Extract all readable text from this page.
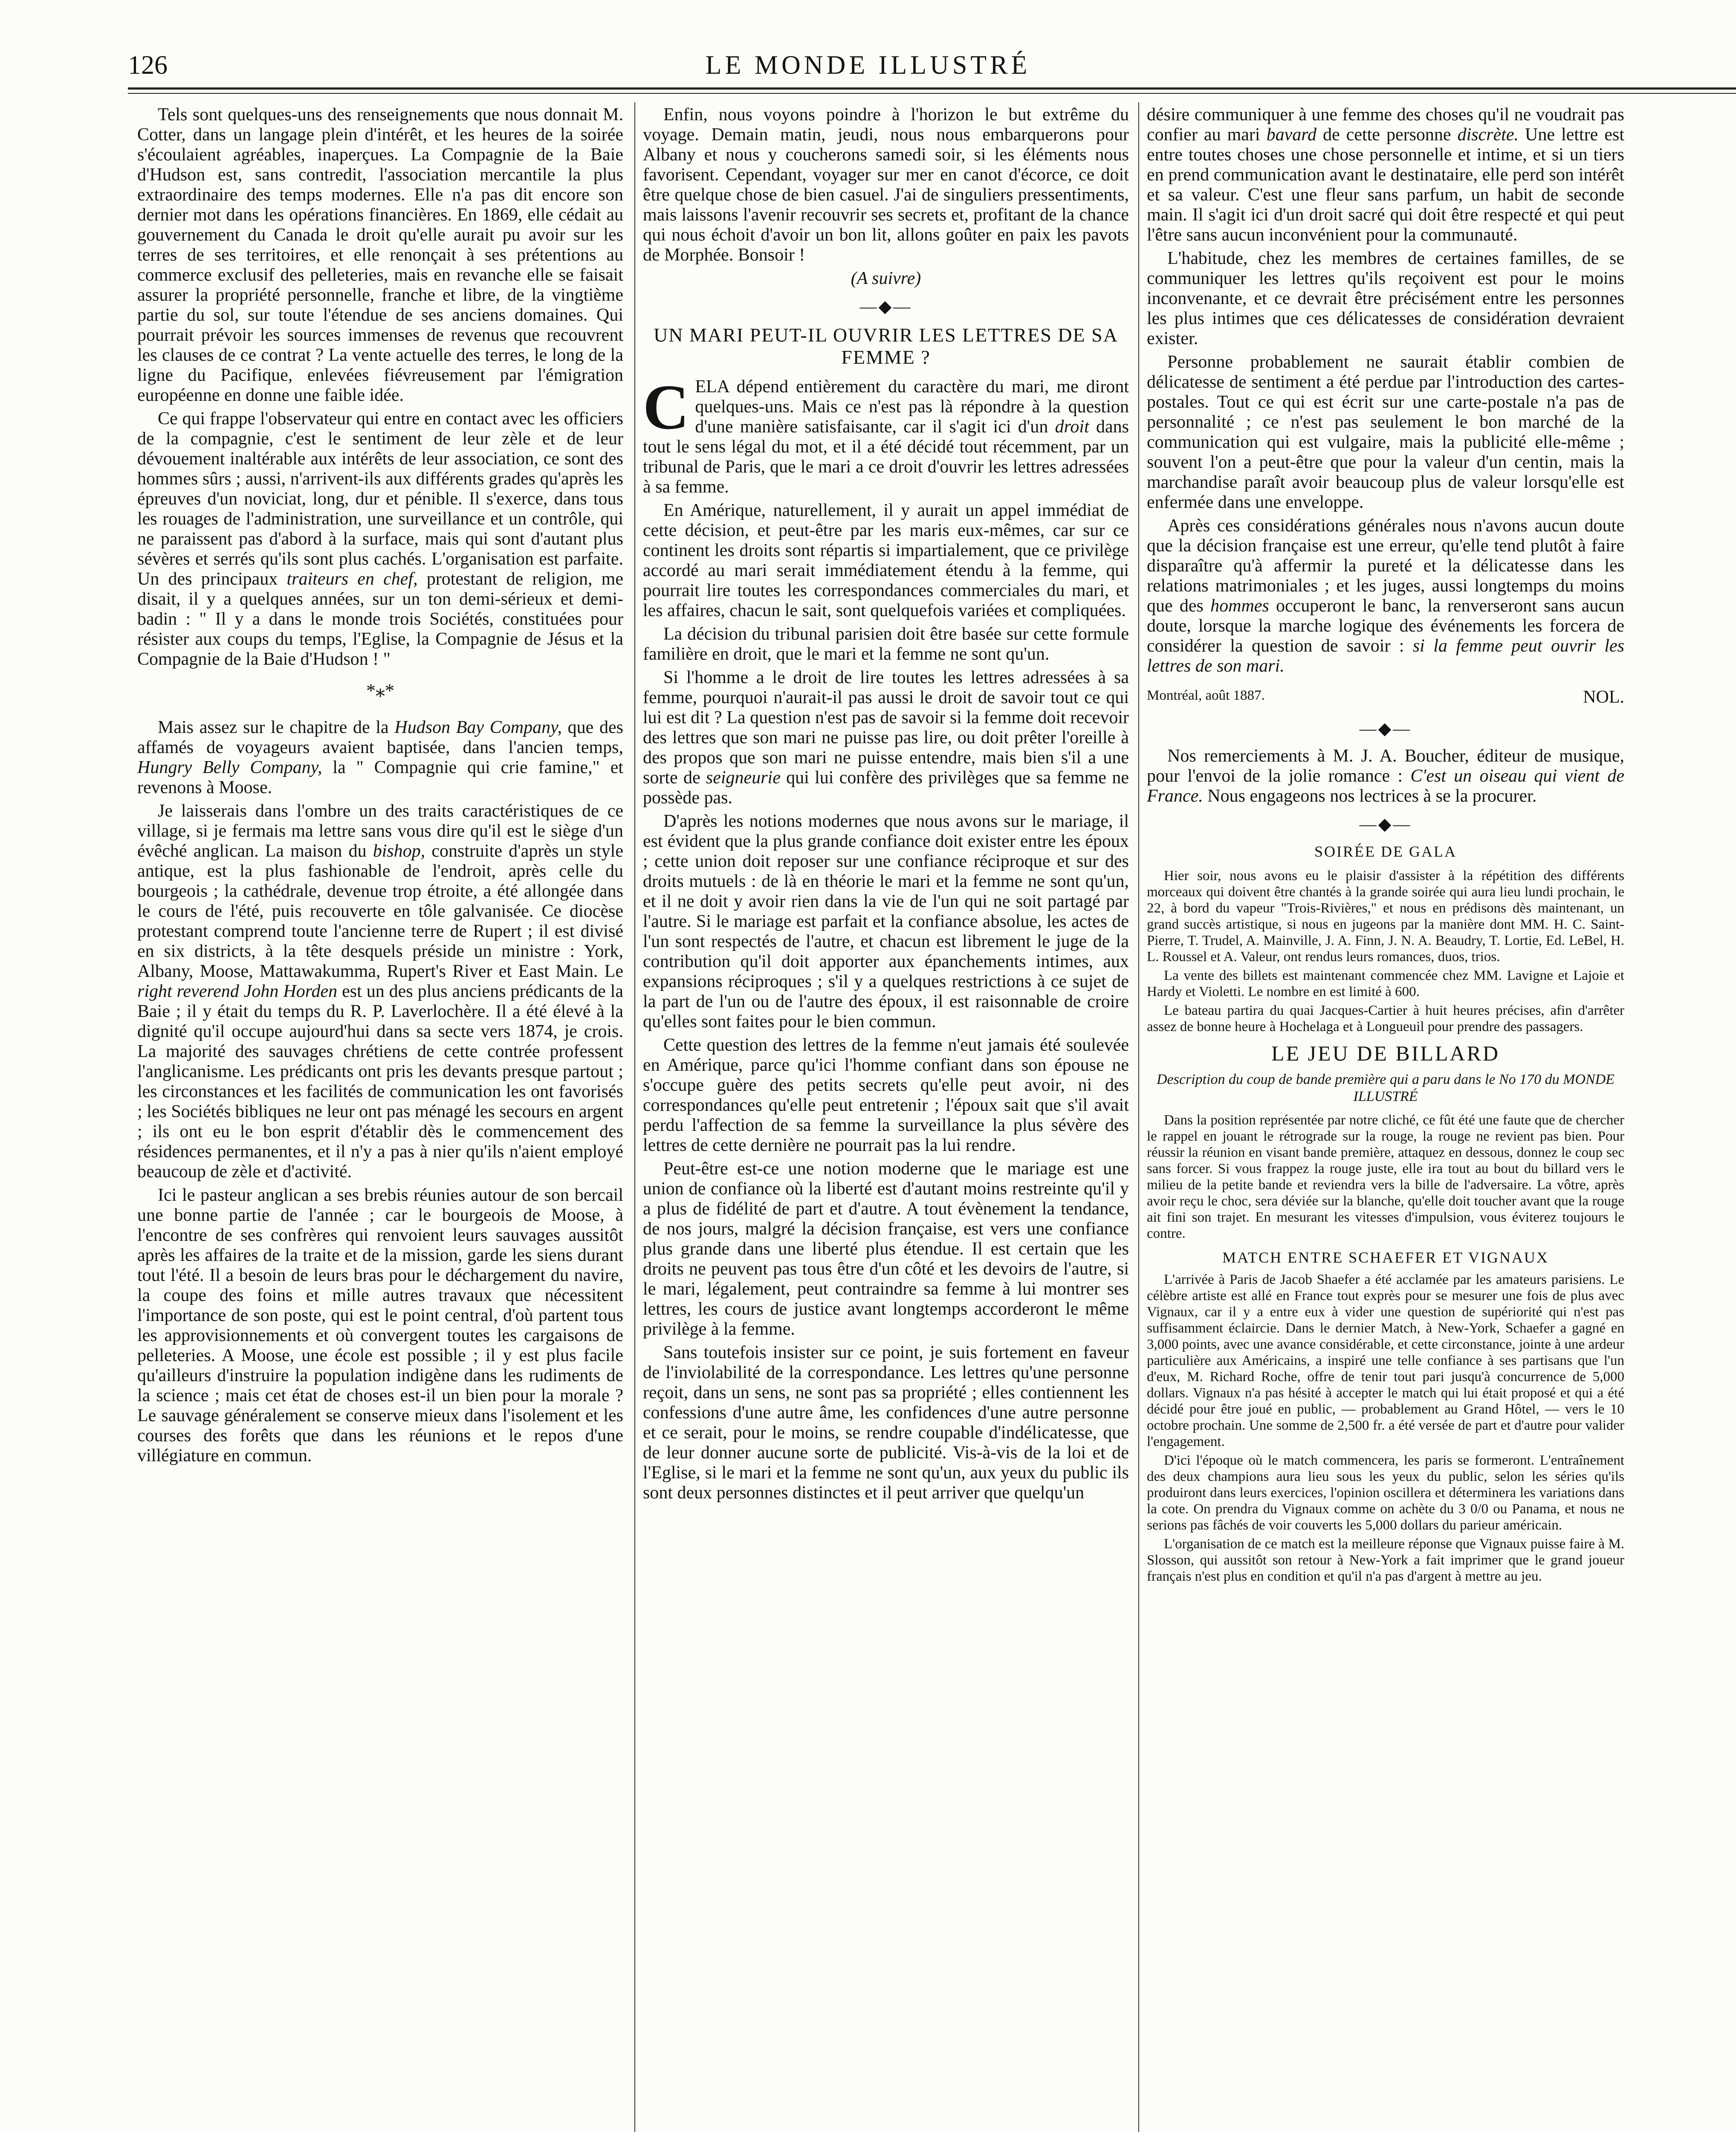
126	LE MONDE ILLUSTRÉ

Tels sont quelques-uns des renseignements que nous donnait M. Cotter, dans un langage plein d'intérêt, et les heures de la soirée s'écoulaient agréables, inaperçues. La Compagnie de la Baie d'Hudson est, sans contredit, l'association mercantile la plus extraordinaire des temps modernes. Elle n'a pas dit encore son dernier mot dans les opérations financières. En 1869, elle cédait au gouvernement du Canada le droit qu'elle aurait pu avoir sur les terres de ses territoires, et elle renonçait à ses prétentions au commerce exclusif des pelleteries, mais en revanche elle se faisait assurer la propriété personnelle, franche et libre, de la vingtième partie du sol, sur toute l'étendue de ses anciens domaines. Qui pourrait prévoir les sources immenses de revenus que recouvrent les clauses de ce contrat ? La vente actuelle des terres, le long de la ligne du Pacifique, enlevées fiévreusement par l'émigration européenne en donne une faible idée.

Ce qui frappe l'observateur qui entre en contact avec les officiers de la compagnie, c'est le sentiment de leur zèle et de leur dévouement inaltérable aux intérêts de leur association, ce sont des hommes sûrs ; aussi, n'arrivent-ils aux différents grades qu'après les épreuves d'un noviciat, long, dur et pénible. Il s'exerce, dans tous les rouages de l'administration, une surveillance et un contrôle, qui ne paraissent pas d'abord à la surface, mais qui sont d'autant plus sévères et serrés qu'ils sont plus cachés. L'organisation est parfaite. Un des principaux traiteurs en chef, protestant de religion, me disait, il y a quelques années, sur un ton demi-sérieux et demi-badin : " Il y a dans le monde trois Sociétés, constituées pour résister aux coups du temps, l'Eglise, la Compagnie de Jésus et la Compagnie de la Baie d'Hudson ! "

*⁎*

Mais assez sur le chapitre de la Hudson Bay Company, que des affamés de voyageurs avaient baptisée, dans l'ancien temps, Hungry Belly Company, la " Compagnie qui crie famine," et revenons à Moose.

Je laisserais dans l'ombre un des traits caractéristiques de ce village, si je fermais ma lettre sans vous dire qu'il est le siège d'un évêché anglican. La maison du bishop, construite d'après un style antique, est la plus fashionable de l'endroit, après celle du bourgeois ; la cathédrale, devenue trop étroite, a été allongée dans le cours de l'été, puis recouverte en tôle galvanisée. Ce diocèse protestant comprend toute l'ancienne terre de Rupert ; il est divisé en six districts, à la tête desquels préside un ministre : York, Albany, Moose, Mattawakumma, Rupert's River et East Main. Le right reverend John Horden est un des plus anciens prédicants de la Baie ; il y était du temps du R. P. Laverlochère. Il a été élevé à la dignité qu'il occupe aujourd'hui dans sa secte vers 1874, je crois. La majorité des sauvages chrétiens de cette contrée professent l'anglicanisme. Les prédicants ont pris les devants presque partout ; les circonstances et les facilités de communication les ont favorisés ; les Sociétés bibliques ne leur ont pas ménagé les secours en argent ; ils ont eu le bon esprit d'établir dès le commencement des résidences permanentes, et il n'y a pas à nier qu'ils n'aient employé beaucoup de zèle et d'activité.

Ici le pasteur anglican a ses brebis réunies autour de son bercail une bonne partie de l'année ; car le bourgeois de Moose, à l'encontre de ses confrères qui renvoient leurs sauvages aussitôt après les affaires de la traite et de la mission, garde les siens durant tout l'été. Il a besoin de leurs bras pour le déchargement du navire, la coupe des foins et mille autres travaux que nécessitent l'importance de son poste, qui est le point central, d'où partent tous les approvisionnements et où convergent toutes les cargaisons de pelleteries. A Moose, une école est possible ; il y est plus facile qu'ailleurs d'instruire la population indigène dans les rudiments de la science ; mais cet état de choses est-il un bien pour la morale ? Le sauvage généralement se conserve mieux dans l'isolement et les courses des forêts que dans les réunions et le repos d'une villégiature en commun.

Enfin, nous voyons poindre à l'horizon le but extrême du voyage. Demain matin, jeudi, nous nous embarquerons pour Albany et nous y coucherons samedi soir, si les éléments nous favorisent. Cependant, voyager sur mer en canot d'écorce, ce doit être quelque chose de bien casuel. J'ai de singuliers pressentiments, mais laissons l'avenir recouvrir ses secrets et, profitant de la chance qui nous échoit d'avoir un bon lit, allons goûter en paix les pavots de Morphée. Bonsoir !

(A suivre)

—◆—
UN MARI PEUT-IL OUVRIR LES LETTRES DE SA FEMME ?

CELA dépend entièrement du caractère du mari, me diront quelques-uns. Mais ce n'est pas là répondre à la question d'une manière satisfaisante, car il s'agit ici d'un droit dans tout le sens légal du mot, et il a été décidé tout récemment, par un tribunal de Paris, que le mari a ce droit d'ouvrir les lettres adressées à sa femme.

En Amérique, naturellement, il y aurait un appel immédiat de cette décision, et peut-être par les maris eux-mêmes, car sur ce continent les droits sont répartis si impartialement, que ce privilège accordé au mari serait immédiatement étendu à la femme, qui pourrait lire toutes les correspondances commerciales du mari, et les affaires, chacun le sait, sont quelquefois variées et compliquées.

La décision du tribunal parisien doit être basée sur cette formule familière en droit, que le mari et la femme ne sont qu'un.

Si l'homme a le droit de lire toutes les lettres adressées à sa femme, pourquoi n'aurait-il pas aussi le droit de savoir tout ce qui lui est dit ? La question n'est pas de savoir si la femme doit recevoir des lettres que son mari ne puisse pas lire, ou doit prêter l'oreille à des propos que son mari ne puisse entendre, mais bien s'il a une sorte de seigneurie qui lui confère des privilèges que sa femme ne possède pas.

D'après les notions modernes que nous avons sur le mariage, il est évident que la plus grande confiance doit exister entre les époux ; cette union doit reposer sur une confiance réciproque et sur des droits mutuels : de là en théorie le mari et la femme ne sont qu'un, et il ne doit y avoir rien dans la vie de l'un qui ne soit partagé par l'autre. Si le mariage est parfait et la confiance absolue, les actes de l'un sont respectés de l'autre, et chacun est librement le juge de la contribution qu'il doit apporter aux épanchements intimes, aux expansions réciproques ; s'il y a quelques restrictions à ce sujet de la part de l'un ou de l'autre des époux, il est raisonnable de croire qu'elles sont faites pour le bien commun.

Cette question des lettres de la femme n'eut jamais été soulevée en Amérique, parce qu'ici l'homme confiant dans son épouse ne s'occupe guère des petits secrets qu'elle peut avoir, ni des correspondances qu'elle peut entretenir ; l'époux sait que s'il avait perdu l'affection de sa femme la surveillance la plus sévère des lettres de cette dernière ne pourrait pas la lui rendre.

Peut-être est-ce une notion moderne que le mariage est une union de confiance où la liberté est d'autant moins restreinte qu'il y a plus de fidélité de part et d'autre. A tout évènement la tendance, de nos jours, malgré la décision française, est vers une confiance plus grande dans une liberté plus étendue. Il est certain que les droits ne peuvent pas tous être d'un côté et les devoirs de l'autre, si le mari, légalement, peut contraindre sa femme à lui montrer ses lettres, les cours de justice avant longtemps accorderont le même privilège à la femme.

Sans toutefois insister sur ce point, je suis fortement en faveur de l'inviolabilité de la correspondance. Les lettres qu'une personne reçoit, dans un sens, ne sont pas sa propriété ; elles contiennent les confessions d'une autre âme, les confidences d'une autre personne et ce serait, pour le moins, se rendre coupable d'indélicatesse, que de leur donner aucune sorte de publicité. Vis-à-vis de la loi et de l'Eglise, si le mari et la femme ne sont qu'un, aux yeux du public ils sont deux personnes distinctes et il peut arriver que quelqu'un

désire communiquer à une femme des choses qu'il ne voudrait pas confier au mari bavard de cette personne discrète. Une lettre est entre toutes choses une chose personnelle et intime, et si un tiers en prend communication avant le destinataire, elle perd son intérêt et sa valeur. C'est une fleur sans parfum, un habit de seconde main. Il s'agit ici d'un droit sacré qui doit être respecté et qui peut l'être sans aucun inconvénient pour la communauté.

L'habitude, chez les membres de certaines familles, de se communiquer les lettres qu'ils reçoivent est pour le moins inconvenante, et ce devrait être précisément entre les personnes les plus intimes que ces délicatesses de considération devraient exister.

Personne probablement ne saurait établir combien de délicatesse de sentiment a été perdue par l'introduction des cartes-postales. Tout ce qui est écrit sur une carte-postale n'a pas de personnalité ; ce n'est pas seulement le bon marché de la communication qui est vulgaire, mais la publicité elle-même ; souvent l'on a peut-être que pour la valeur d'un centin, mais la marchandise paraît avoir beaucoup plus de valeur lorsqu'elle est enfermée dans une enveloppe.

Après ces considérations générales nous n'avons aucun doute que la décision française est une erreur, qu'elle tend plutôt à faire disparaître qu'à affermir la pureté et la délicatesse dans les relations matrimoniales ; et les juges, aussi longtemps du moins que des hommes occuperont le banc, la renverseront sans aucun doute, lorsque la marche logique des événements les forcera de considérer la question de savoir : si la femme peut ouvrir les lettres de son mari.

Montréal, août 1887.	NOL.
—◆—

Nos remerciements à M. J. A. Boucher, éditeur de musique, pour l'envoi de la jolie romance : C'est un oiseau qui vient de France. Nous engageons nos lectrices à se la procurer.

—◆—
SOIRÉE DE GALA

Hier soir, nous avons eu le plaisir d'assister à la répétition des différents morceaux qui doivent être chantés à la grande soirée qui aura lieu lundi prochain, le 22, à bord du vapeur "Trois-Rivières," et nous en prédisons dès maintenant, un grand succès artistique, si nous en jugeons par la manière dont MM. H. C. Saint-Pierre, T. Trudel, A. Mainville, J. A. Finn, J. N. A. Beaudry, T. Lortie, Ed. LeBel, H. L. Roussel et A. Valeur, ont rendus leurs romances, duos, trios.

La vente des billets est maintenant commencée chez MM. Lavigne et Lajoie et Hardy et Violetti. Le nombre en est limité à 600.

Le bateau partira du quai Jacques-Cartier à huit heures précises, afin d'arrêter assez de bonne heure à Hochelaga et à Longueuil pour prendre des passagers.

LE JEU DE BILLARD
Description du coup de bande première qui a paru dans le No 170 du MONDE ILLUSTRÉ

Dans la position représentée par notre cliché, ce fût été une faute que de chercher le rappel en jouant le rétrograde sur la rouge, la rouge ne revient pas bien. Pour réussir la réunion en visant bande première, attaquez en dessous, donnez le coup sec sans forcer. Si vous frappez la rouge juste, elle ira tout au bout du billard vers le milieu de la petite bande et reviendra vers la bille de l'adversaire. La vôtre, après avoir reçu le choc, sera déviée sur la blanche, qu'elle doit toucher avant que la rouge ait fini son trajet. En mesurant les vitesses d'impulsion, vous éviterez toujours le contre.

MATCH ENTRE SCHAEFER ET VIGNAUX

L'arrivée à Paris de Jacob Shaefer a été acclamée par les amateurs parisiens. Le célèbre artiste est allé en France tout exprès pour se mesurer une fois de plus avec Vignaux, car il y a entre eux à vider une question de supériorité qui n'est pas suffisamment éclaircie. Dans le dernier Match, à New-York, Schaefer a gagné en 3,000 points, avec une avance considérable, et cette circonstance, jointe à une ardeur particulière aux Américains, a inspiré une telle confiance à ses partisans que l'un d'eux, M. Richard Roche, offre de tenir tout pari jusqu'à concurrence de 5,000 dollars. Vignaux n'a pas hésité à accepter le match qui lui était proposé et qui a été décidé pour être joué en public, — probablement au Grand Hôtel, — vers le 10 octobre prochain. Une somme de 2,500 fr. a été versée de part et d'autre pour valider l'engagement.

D'ici l'époque où le match commencera, les paris se formeront. L'entraînement des deux champions aura lieu sous les yeux du public, selon les séries qu'ils produiront dans leurs exercices, l'opinion oscillera et déterminera les variations dans la cote. On prendra du Vignaux comme on achète du 3 0/0 ou Panama, et nous ne serions pas fâchés de voir couverts les 5,000 dollars du parieur américain.

L'organisation de ce match est la meilleure réponse que Vignaux puisse faire à M. Slosson, qui aussitôt son retour à New-York a fait imprimer que le grand joueur français n'est plus en condition et qu'il n'a pas d'argent à mettre au jeu.
